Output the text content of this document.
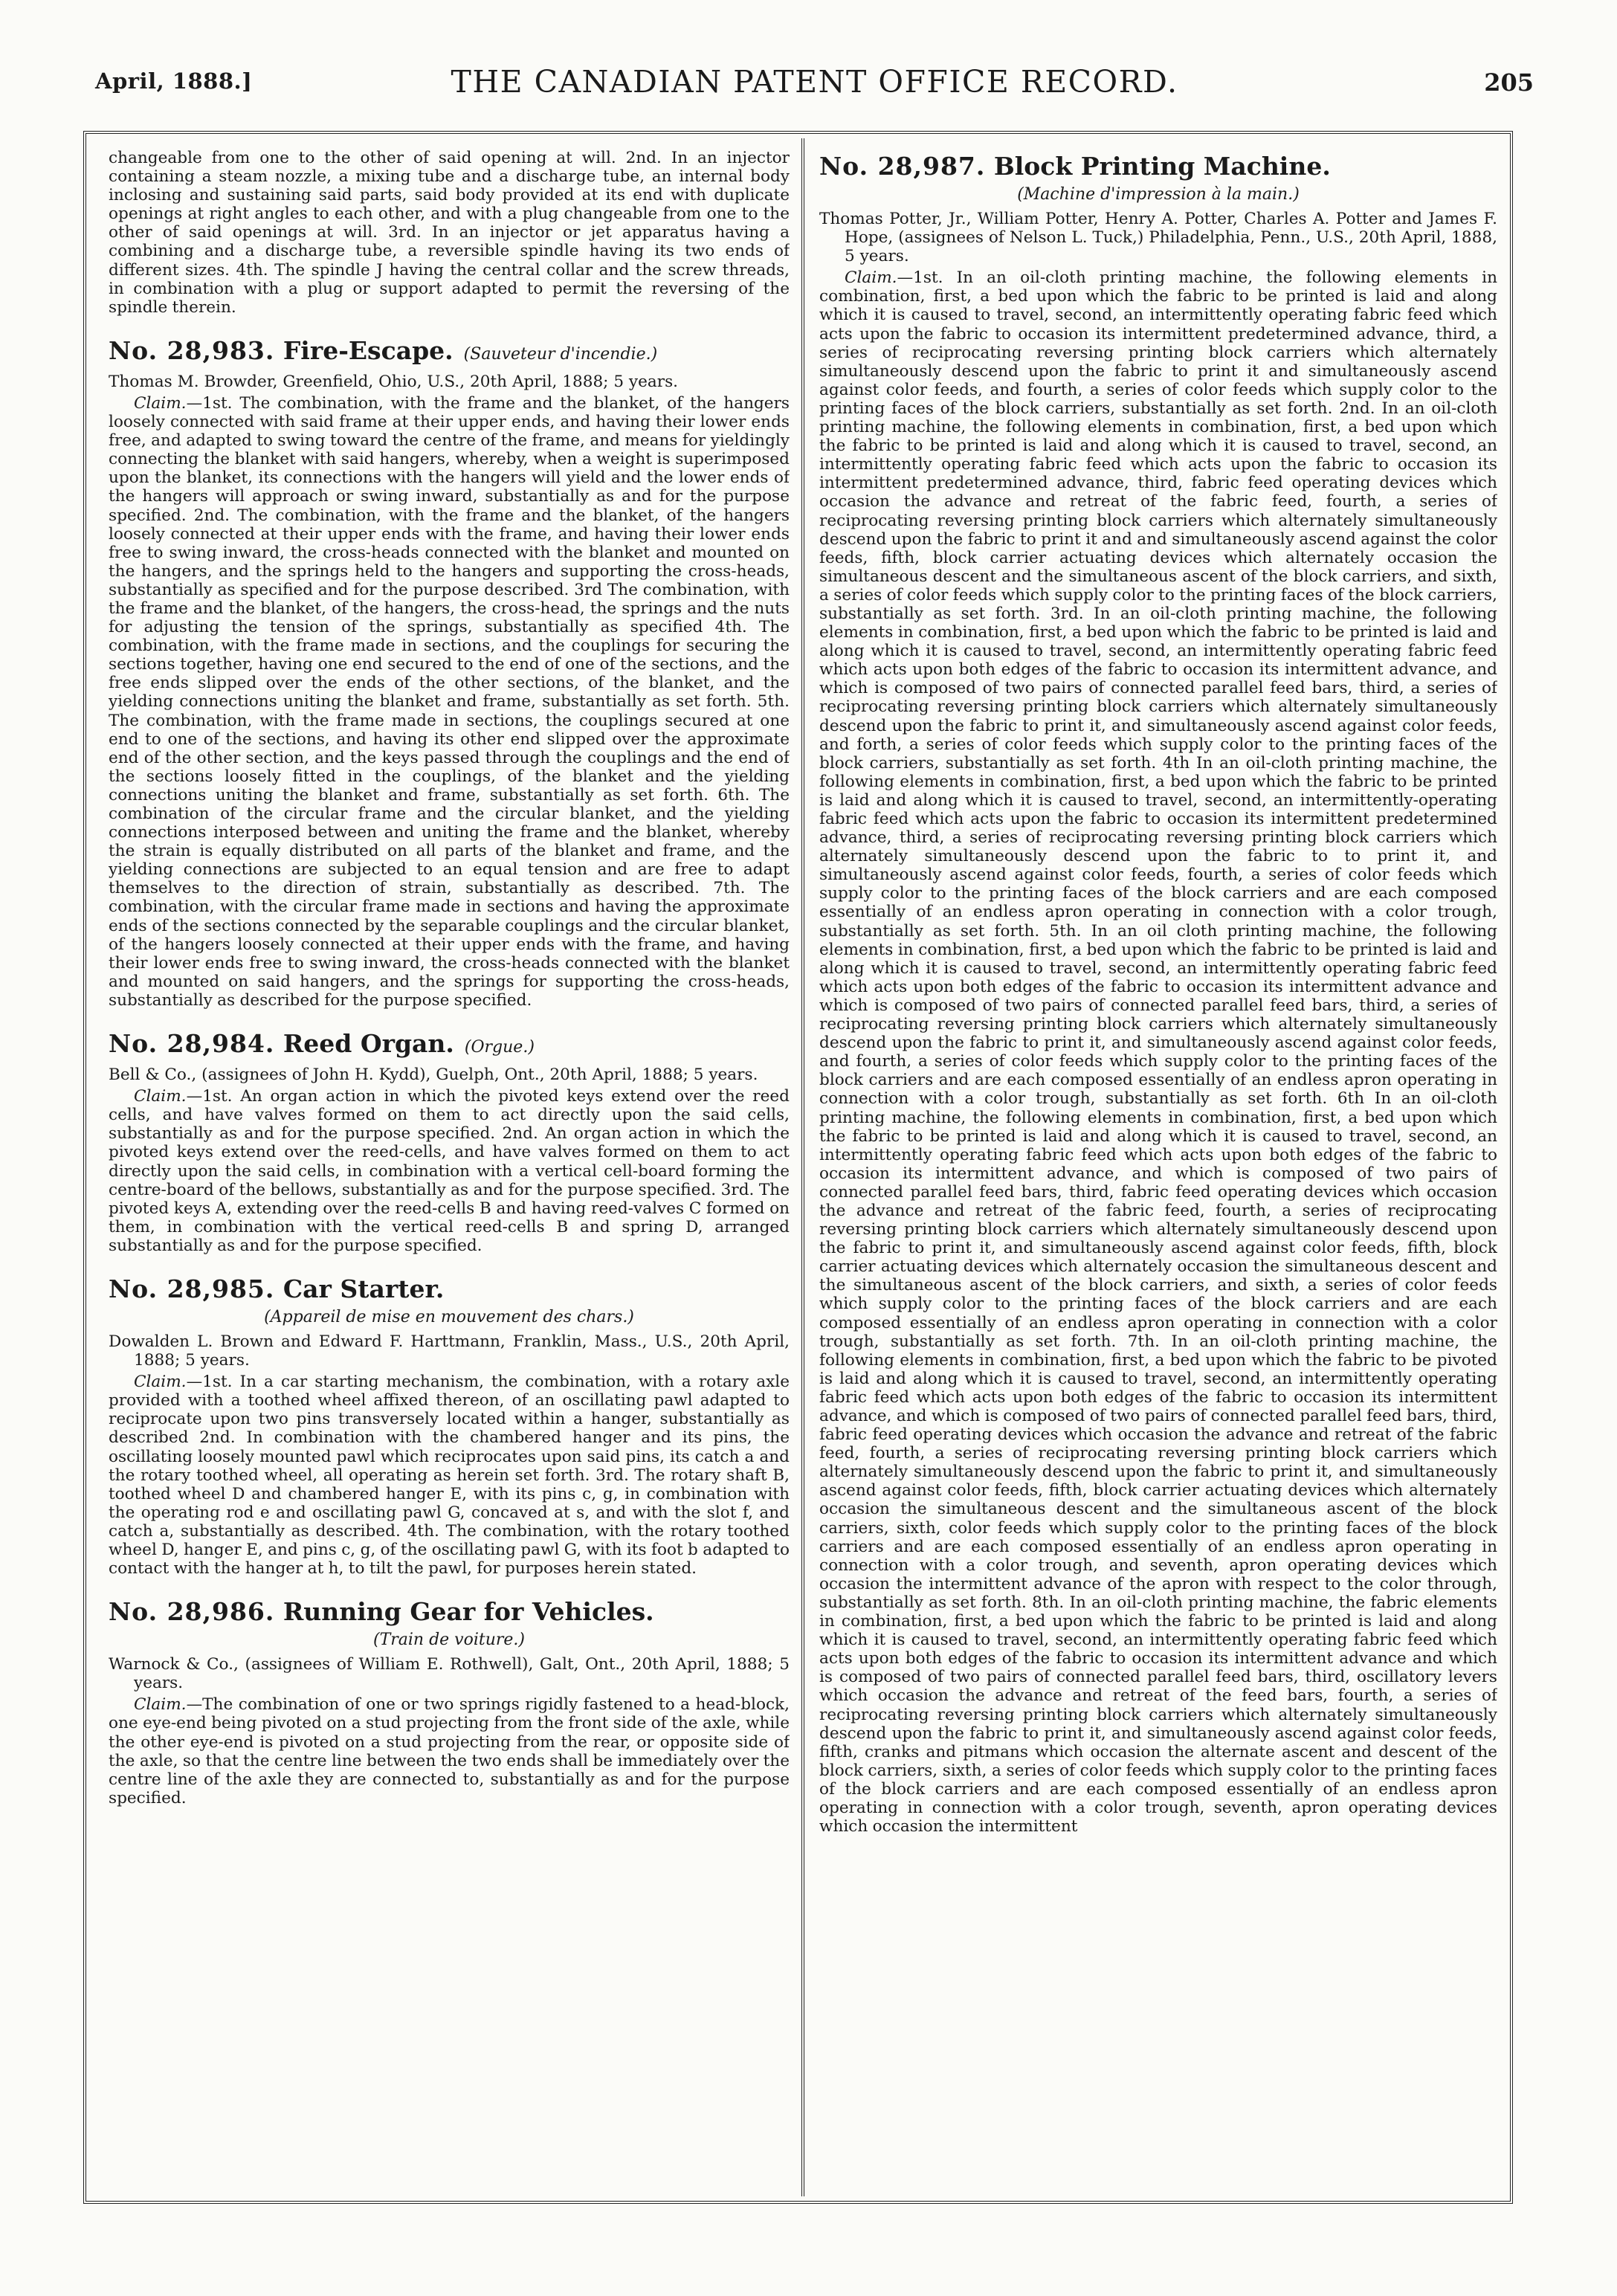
April, 1888.]	THE CANADIAN PATENT OFFICE RECORD.	205

changeable from one to the other of said opening at will. 2nd. In an injector containing a steam nozzle, a mixing tube and a discharge tube, an internal body inclosing and sustaining said parts, said body provided at its end with duplicate openings at right angles to each other, and with a plug changeable from one to the other of said openings at will. 3rd. In an injector or jet apparatus having a combining and a discharge tube, a reversible spindle having its two ends of different sizes. 4th. The spindle J having the central collar and the screw threads, in combination with a plug or support adapted to permit the reversing of the spindle therein.

No. 28,983. Fire-Escape. (Sauveteur d'incendie.)

Thomas M. Browder, Greenfield, Ohio, U.S., 20th April, 1888; 5 years.

Claim.—1st. The combination, with the frame and the blanket, of the hangers loosely connected with said frame at their upper ends, and having their lower ends free, and adapted to swing toward the centre of the frame, and means for yieldingly connecting the blanket with said hangers, whereby, when a weight is superimposed upon the blanket, its connections with the hangers will yield and the lower ends of the hangers will approach or swing inward, substantially as and for the purpose specified. 2nd. The combination, with the frame and the blanket, of the hangers loosely connected at their upper ends with the frame, and having their lower ends free to swing inward, the cross-heads connected with the blanket and mounted on the hangers, and the springs held to the hangers and supporting the cross-heads, substantially as specified and for the purpose described. 3rd The combination, with the frame and the blanket, of the hangers, the cross-head, the springs and the nuts for adjusting the tension of the springs, substantially as specified 4th. The combination, with the frame made in sections, and the couplings for securing the sections together, having one end secured to the end of one of the sections, and the free ends slipped over the ends of the other sections, of the blanket, and the yielding connections uniting the blanket and frame, substantially as set forth. 5th. The combination, with the frame made in sections, the couplings secured at one end to one of the sections, and having its other end slipped over the approximate end of the other section, and the keys passed through the couplings and the end of the sections loosely fitted in the couplings, of the blanket and the yielding connections uniting the blanket and frame, substantially as set forth. 6th. The combination of the circular frame and the circular blanket, and the yielding connections interposed between and uniting the frame and the blanket, whereby the strain is equally distributed on all parts of the blanket and frame, and the yielding connections are subjected to an equal tension and are free to adapt themselves to the direction of strain, substantially as described. 7th. The combination, with the circular frame made in sections and having the approximate ends of the sections connected by the separable couplings and the circular blanket, of the hangers loosely connected at their upper ends with the frame, and having their lower ends free to swing inward, the cross-heads connected with the blanket and mounted on said hangers, and the springs for supporting the cross-heads, substantially as described for the purpose specified.

No. 28,984. Reed Organ. (Orgue.)

Bell & Co., (assignees of John H. Kydd), Guelph, Ont., 20th April, 1888; 5 years.

Claim.—1st. An organ action in which the pivoted keys extend over the reed cells, and have valves formed on them to act directly upon the said cells, substantially as and for the purpose specified. 2nd. An organ action in which the pivoted keys extend over the reed-cells, and have valves formed on them to act directly upon the said cells, in combination with a vertical cell-board forming the centre-board of the bellows, substantially as and for the purpose specified. 3rd. The pivoted keys A, extending over the reed-cells B and having reed-valves C formed on them, in combination with the vertical reed-cells B and spring D, arranged substantially as and for the purpose specified.

No. 28,985. Car Starter.
(Appareil de mise en mouvement des chars.)

Dowalden L. Brown and Edward F. Harttmann, Franklin, Mass., U.S., 20th April, 1888; 5 years.

Claim.—1st. In a car starting mechanism, the combination, with a rotary axle provided with a toothed wheel affixed thereon, of an oscillating pawl adapted to reciprocate upon two pins transversely located within a hanger, substantially as described 2nd. In combination with the chambered hanger and its pins, the oscillating loosely mounted pawl which reciprocates upon said pins, its catch a and the rotary toothed wheel, all operating as herein set forth. 3rd. The rotary shaft B, toothed wheel D and chambered hanger E, with its pins c, g, in combination with the operating rod e and oscillating pawl G, concaved at s, and with the slot f, and catch a, substantially as described. 4th. The combination, with the rotary toothed wheel D, hanger E, and pins c, g, of the oscillating pawl G, with its foot b adapted to contact with the hanger at h, to tilt the pawl, for purposes herein stated.

No. 28,986. Running Gear for Vehicles.
(Train de voiture.)

Warnock & Co., (assignees of William E. Rothwell), Galt, Ont., 20th April, 1888; 5 years.

Claim.—The combination of one or two springs rigidly fastened to a head-block, one eye-end being pivoted on a stud projecting from the front side of the axle, while the other eye-end is pivoted on a stud projecting from the rear, or opposite side of the axle, so that the centre line between the two ends shall be immediately over the centre line of the axle they are connected to, substantially as and for the purpose specified.

No. 28,987. Block Printing Machine.
(Machine d'impression à la main.)

Thomas Potter, Jr., William Potter, Henry A. Potter, Charles A. Potter and James F. Hope, (assignees of Nelson L. Tuck,) Philadelphia, Penn., U.S., 20th April, 1888, 5 years.

Claim.—1st. In an oil-cloth printing machine, the following elements in combination, first, a bed upon which the fabric to be printed is laid and along which it is caused to travel, second, an intermittently operating fabric feed which acts upon the fabric to occasion its intermittent predetermined advance, third, a series of reciprocating reversing printing block carriers which alternately simultaneously descend upon the fabric to print it and simultaneously ascend against color feeds, and fourth, a series of color feeds which supply color to the printing faces of the block carriers, substantially as set forth. 2nd. In an oil-cloth printing machine, the following elements in combination, first, a bed upon which the fabric to be printed is laid and along which it is caused to travel, second, an intermittently operating fabric feed which acts upon the fabric to occasion its intermittent predetermined advance, third, fabric feed operating devices which occasion the advance and retreat of the fabric feed, fourth, a series of reciprocating reversing printing block carriers which alternately simultaneously descend upon the fabric to print it and and simultaneously ascend against the color feeds, fifth, block carrier actuating devices which alternately occasion the simultaneous descent and the simultaneous ascent of the block carriers, and sixth, a series of color feeds which supply color to the printing faces of the block carriers, substantially as set forth. 3rd. In an oil-cloth printing machine, the following elements in combination, first, a bed upon which the fabric to be printed is laid and along which it is caused to travel, second, an intermittently operating fabric feed which acts upon both edges of the fabric to occasion its intermittent advance, and which is composed of two pairs of connected parallel feed bars, third, a series of reciprocating reversing printing block carriers which alternately simultaneously descend upon the fabric to print it, and simultaneously ascend against color feeds, and forth, a series of color feeds which supply color to the printing faces of the block carriers, substantially as set forth. 4th In an oil-cloth printing machine, the following elements in combination, first, a bed upon which the fabric to be printed is laid and along which it is caused to travel, second, an intermittently-operating fabric feed which acts upon the fabric to occasion its intermittent predetermined advance, third, a series of reciprocating reversing printing block carriers which alternately simultaneously descend upon the fabric to to print it, and simultaneously ascend against color feeds, fourth, a series of color feeds which supply color to the printing faces of the block carriers and are each composed essentially of an endless apron operating in connection with a color trough, substantially as set forth. 5th. In an oil cloth printing machine, the following elements in combination, first, a bed upon which the fabric to be printed is laid and along which it is caused to travel, second, an intermittently operating fabric feed which acts upon both edges of the fabric to occasion its intermittent advance and which is composed of two pairs of connected parallel feed bars, third, a series of reciprocating reversing printing block carriers which alternately simultaneously descend upon the fabric to print it, and simultaneously ascend against color feeds, and fourth, a series of color feeds which supply color to the printing faces of the block carriers and are each composed essentially of an endless apron operating in connection with a color trough, substantially as set forth. 6th In an oil-cloth printing machine, the following elements in combination, first, a bed upon which the fabric to be printed is laid and along which it is caused to travel, second, an intermittently operating fabric feed which acts upon both edges of the fabric to occasion its intermittent advance, and which is composed of two pairs of connected parallel feed bars, third, fabric feed operating devices which occasion the advance and retreat of the fabric feed, fourth, a series of reciprocating reversing printing block carriers which alternately simultaneously descend upon the fabric to print it, and simultaneously ascend against color feeds, fifth, block carrier actuating devices which alternately occasion the simultaneous descent and the simultaneous ascent of the block carriers, and sixth, a series of color feeds which supply color to the printing faces of the block carriers and are each composed essentially of an endless apron operating in connection with a color trough, substantially as set forth. 7th. In an oil-cloth printing machine, the following elements in combination, first, a bed upon which the fabric to be pivoted is laid and along which it is caused to travel, second, an intermittently operating fabric feed which acts upon both edges of the fabric to occasion its intermittent advance, and which is composed of two pairs of connected parallel feed bars, third, fabric feed operating devices which occasion the advance and retreat of the fabric feed, fourth, a series of reciprocating reversing printing block carriers which alternately simultaneously descend upon the fabric to print it, and simultaneously ascend against color feeds, fifth, block carrier actuating devices which alternately occasion the simultaneous descent and the simultaneous ascent of the block carriers, sixth, color feeds which supply color to the printing faces of the block carriers and are each composed essentially of an endless apron operating in connection with a color trough, and seventh, apron operating devices which occasion the intermittent advance of the apron with respect to the color through, substantially as set forth. 8th. In an oil-cloth printing machine, the fabric elements in combination, first, a bed upon which the fabric to be printed is laid and along which it is caused to travel, second, an intermittently operating fabric feed which acts upon both edges of the fabric to occasion its intermittent advance and which is composed of two pairs of connected parallel feed bars, third, oscillatory levers which occasion the advance and retreat of the feed bars, fourth, a series of reciprocating reversing printing block carriers which alternately simultaneously descend upon the fabric to print it, and simultaneously ascend against color feeds, fifth, cranks and pitmans which occasion the alternate ascent and descent of the block carriers, sixth, a series of color feeds which supply color to the printing faces of the block carriers and are each composed essentially of an endless apron operating in connection with a color trough, seventh, apron operating devices which occasion the intermittent
